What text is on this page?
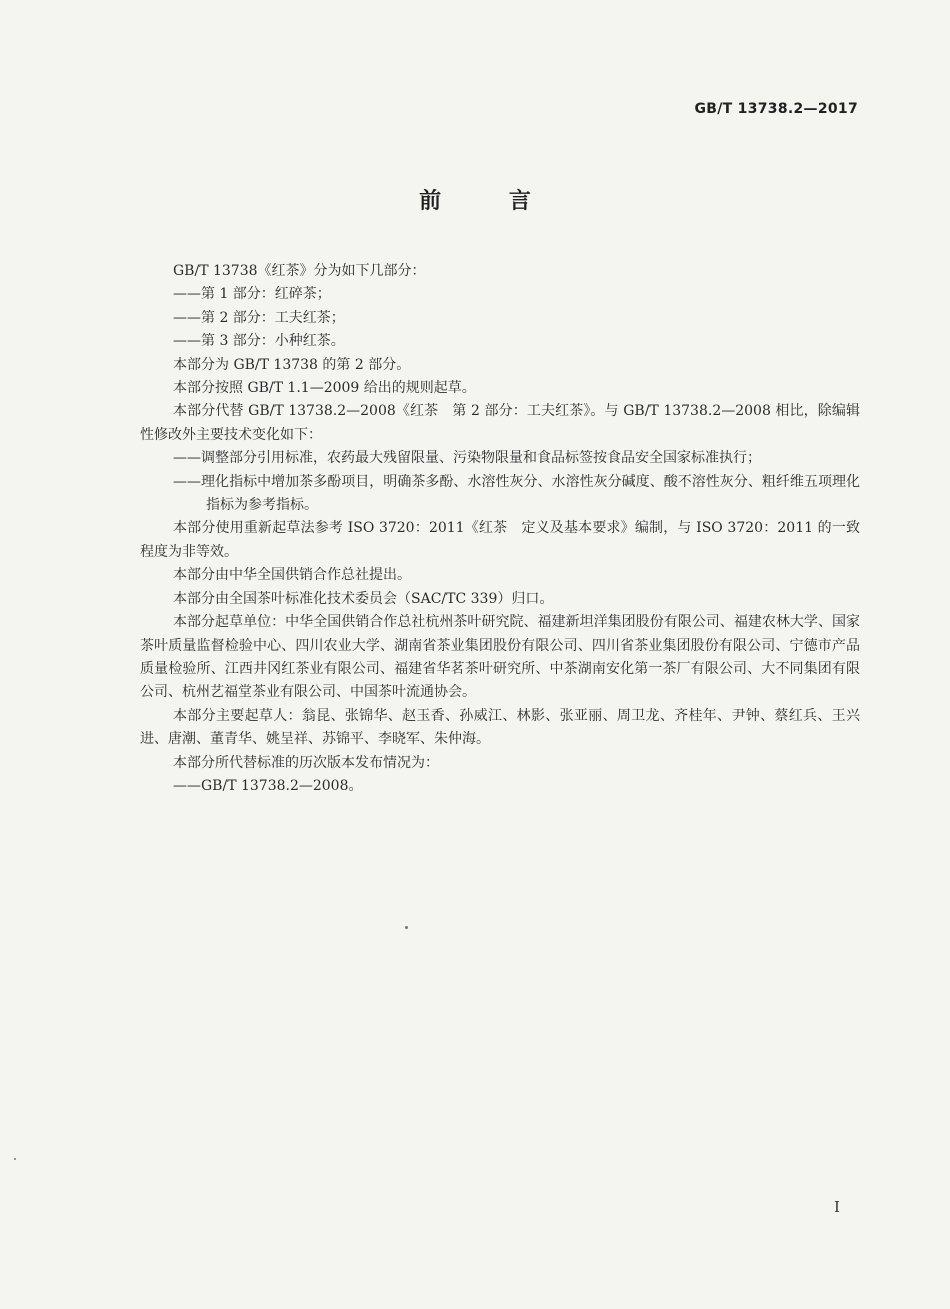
GB/T 13738.2—2017
前 言

GB/T 13738《红茶》分为如下几部分：

——第 1 部分：红碎茶；

——第 2 部分：工夫红茶；

——第 3 部分：小种红茶。

本部分为 GB/T 13738 的第 2 部分。

本部分按照 GB/T 1.1—2009 给出的规则起草。

本部分代替 GB/T 13738.2—2008《红茶　第 2 部分：工夫红茶》。与 GB/T 13738.2—2008 相比，除编辑性修改外主要技术变化如下：

——调整部分引用标准，农药最大残留限量、污染物限量和食品标签按食品安全国家标准执行；

——理化指标中增加茶多酚项目，明确茶多酚、水溶性灰分、水溶性灰分碱度、酸不溶性灰分、粗纤维五项理化指标为参考指标。

本部分使用重新起草法参考 ISO 3720：2011《红茶　定义及基本要求》编制，与 ISO 3720：2011 的一致程度为非等效。

本部分由中华全国供销合作总社提出。

本部分由全国茶叶标准化技术委员会（SAC/TC 339）归口。

本部分起草单位：中华全国供销合作总社杭州茶叶研究院、福建新坦洋集团股份有限公司、福建农林大学、国家茶叶质量监督检验中心、四川农业大学、湖南省茶业集团股份有限公司、四川省茶业集团股份有限公司、宁德市产品质量检验所、江西井冈红茶业有限公司、福建省华茗茶叶研究所、中茶湖南安化第一茶厂有限公司、大不同集团有限公司、杭州艺福堂茶业有限公司、中国茶叶流通协会。

本部分主要起草人：翁昆、张锦华、赵玉香、孙威江、林影、张亚丽、周卫龙、齐桂年、尹钟、蔡红兵、王兴进、唐潮、董青华、姚呈祥、苏锦平、李晓军、朱仲海。

本部分所代替标准的历次版本发布情况为：

——GB/T 13738.2—2008。

I
